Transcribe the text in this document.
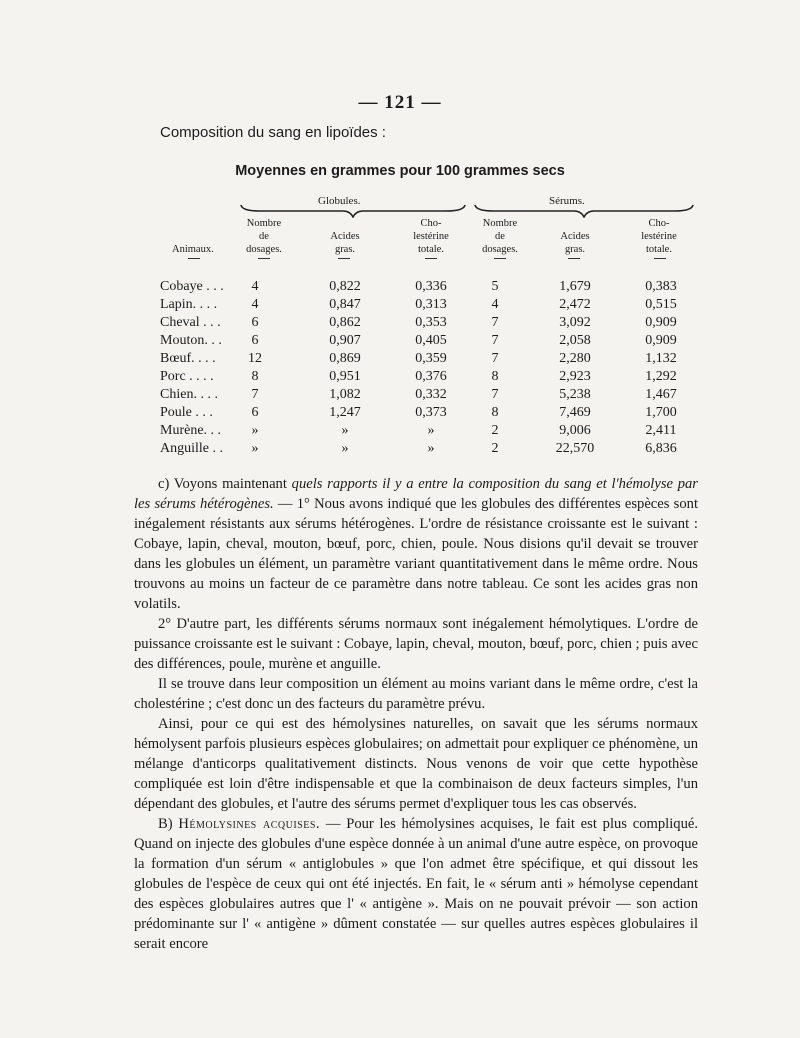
— 121 —
Composition du sang en lipoïdes :
Moyennes en grammes pour 100 grammes secs
Globules.	Sérums.
Animaux.
Nombre
de
dosages.
Acides
gras.
Cho-
lestérine
totale.
Nombre
de
dosages.
Acides
gras.
Cho-
lestérine
totale.
Cobaye . . .	4	0,822	0,336	5	1,679	0,383
Lapin. . . .	4	0,847	0,313	4	2,472	0,515
Cheval . . .	6	0,862	0,353	7	3,092	0,909
Mouton. . .	6	0,907	0,405	7	2,058	0,909
Bœuf. . . .	12	0,869	0,359	7	2,280	1,132
Porc . . . .	8	0,951	0,376	8	2,923	1,292
Chien. . . .	7	1,082	0,332	7	5,238	1,467
Poule . . .	6	1,247	0,373	8	7,469	1,700
Murène. . .	»	»	»	2	9,006	2,411
Anguille . .	»	»	»	2	22,570	6,836

c) Voyons maintenant quels rapports il y a entre la composition du sang et l'hémolyse par les sérums hétérogènes. — 1° Nous avons indiqué que les globules des différentes espèces sont inégalement résistants aux sérums hétérogènes. L'ordre de résistance croissante est le suivant : Cobaye, lapin, cheval, mouton, bœuf, porc, chien, poule. Nous disions qu'il devait se trouver dans les globules un élément, un paramètre variant quantitativement dans le même ordre. Nous trouvons au moins un facteur de ce paramètre dans notre tableau. Ce sont les acides gras non volatils.

2° D'autre part, les différents sérums normaux sont inégalement hémolytiques. L'ordre de puissance croissante est le suivant : Cobaye, lapin, cheval, mouton, bœuf, porc, chien ; puis avec des différences, poule, murène et anguille.

Il se trouve dans leur composition un élément au moins variant dans le même ordre, c'est la cholestérine ; c'est donc un des facteurs du paramètre prévu.

Ainsi, pour ce qui est des hémolysines naturelles, on savait que les sérums normaux hémolysent parfois plusieurs espèces globulaires; on admettait pour expliquer ce phénomène, un mélange d'anticorps qualitativement distincts. Nous venons de voir que cette hypothèse compliquée est loin d'être indispensable et que la combinaison de deux facteurs simples, l'un dépendant des globules, et l'autre des sérums permet d'expliquer tous les cas observés.

B) Hémolysines acquises. — Pour les hémolysines acquises, le fait est plus compliqué. Quand on injecte des globules d'une espèce donnée à un animal d'une autre espèce, on provoque la formation d'un sérum « antiglobules » que l'on admet être spécifique, et qui dissout les globules de l'espèce de ceux qui ont été injectés. En fait, le « sérum anti » hémolyse cependant des espèces globulaires autres que l' « antigène ». Mais on ne pouvait prévoir — son action prédominante sur l' « antigène » dûment constatée — sur quelles autres espèces globulaires il serait encore
